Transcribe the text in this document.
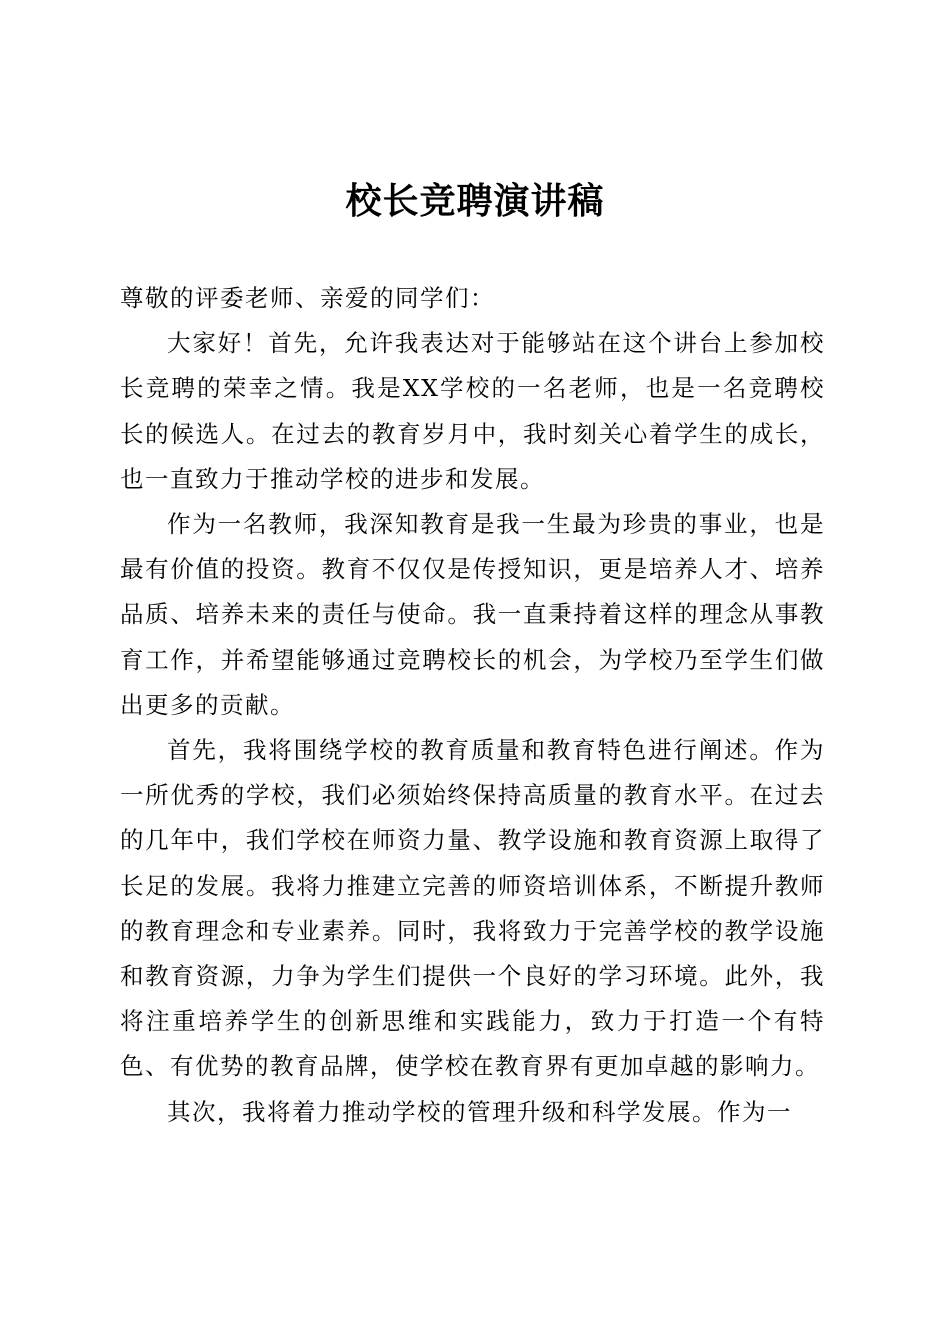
校长竞聘演讲稿

尊敬的评委老师、亲爱的同学们：

大家好！首先，允许我表达对于能够站在这个讲台上参加校长竞聘的荣幸之情。我是XX学校的一名老师，也是一名竞聘校长的候选人。在过去的教育岁月中，我时刻关心着学生的成长，也一直致力于推动学校的进步和发展。

作为一名教师，我深知教育是我一生最为珍贵的事业，也是最有价值的投资。教育不仅仅是传授知识，更是培养人才、培养品质、培养未来的责任与使命。我一直秉持着这样的理念从事教育工作，并希望能够通过竞聘校长的机会，为学校乃至学生们做出更多的贡献。

首先，我将围绕学校的教育质量和教育特色进行阐述。作为一所优秀的学校，我们必须始终保持高质量的教育水平。在过去的几年中，我们学校在师资力量、教学设施和教育资源上取得了长足的发展。我将力推建立完善的师资培训体系，不断提升教师的教育理念和专业素养。同时，我将致力于完善学校的教学设施和教育资源，力争为学生们提供一个良好的学习环境。此外，我将注重培养学生的创新思维和实践能力，致力于打造一个有特色、有优势的教育品牌，使学校在教育界有更加卓越的影响力。

其次，我将着力推动学校的管理升级和科学发展。作为一
